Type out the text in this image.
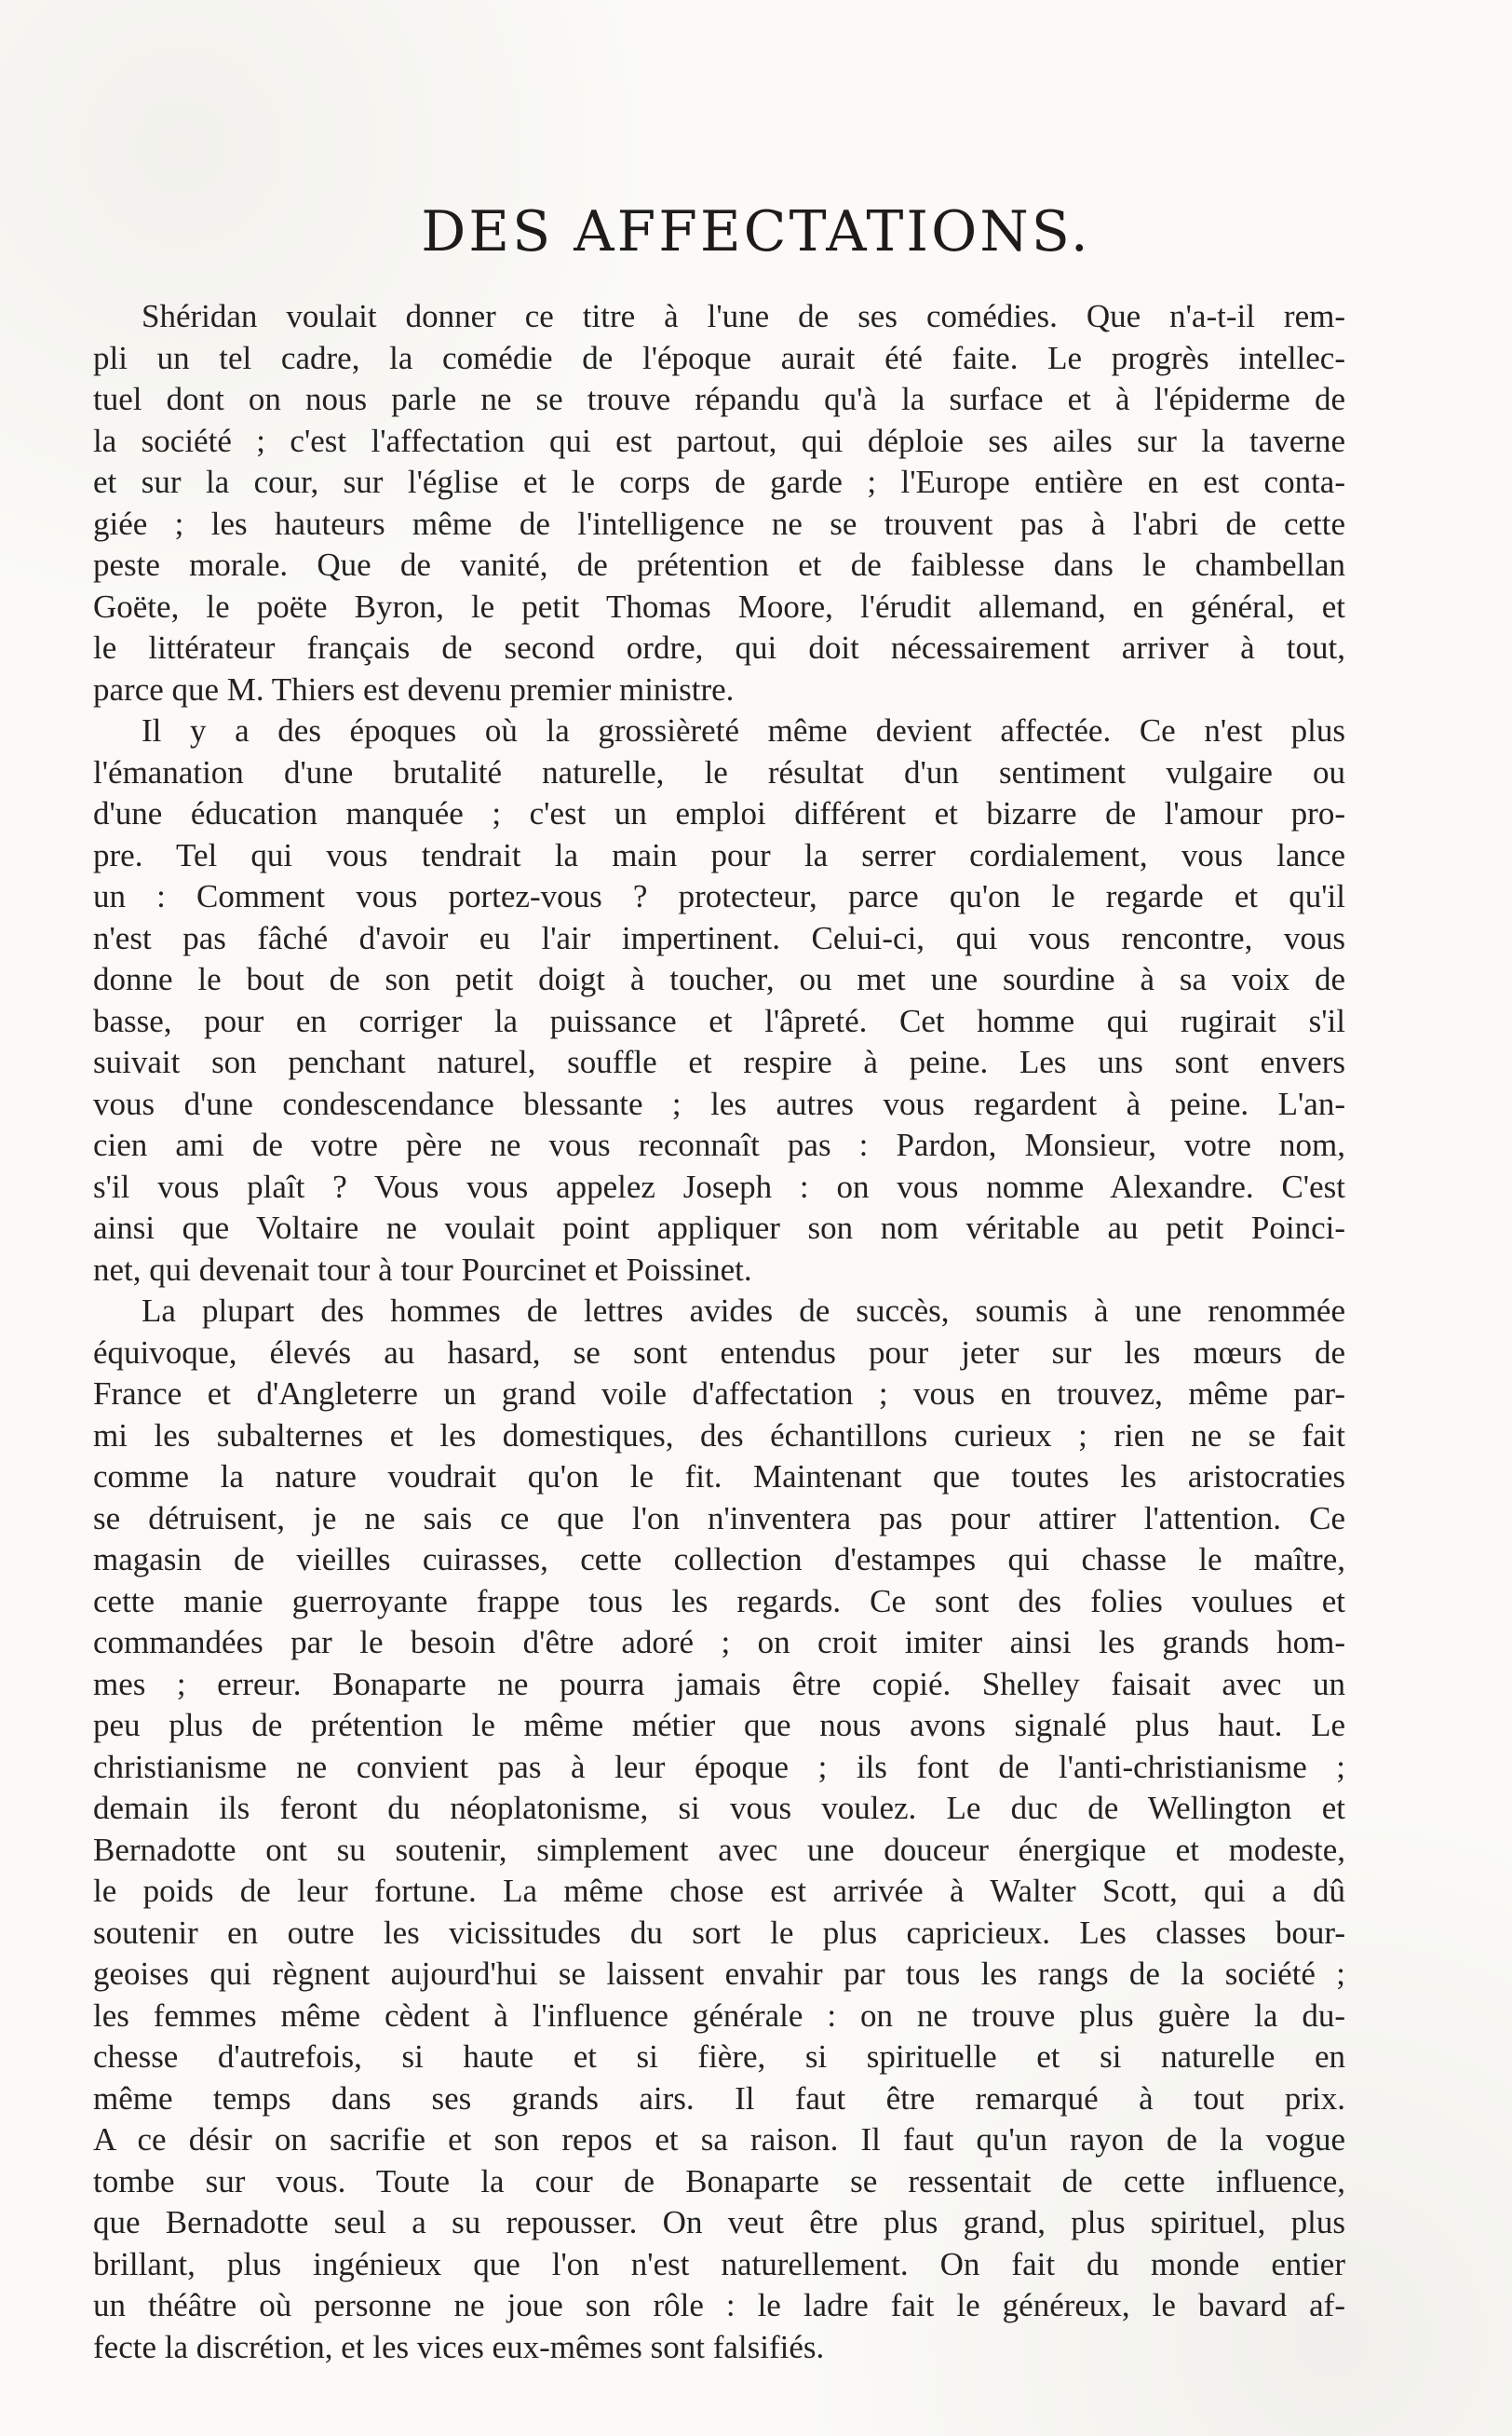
DES AFFECTATIONS.

Shéridan voulait donner ce titre à l'une de ses comédies. Que n'a-t-il rem-
pli un tel cadre, la comédie de l'époque aurait été faite. Le progrès intellec-
tuel dont on nous parle ne se trouve répandu qu'à la surface et à l'épiderme de
la société ; c'est l'affectation qui est partout, qui déploie ses ailes sur la taverne
et sur la cour, sur l'église et le corps de garde ; l'Europe entière en est conta-
giée ; les hauteurs même de l'intelligence ne se trouvent pas à l'abri de cette
peste morale. Que de vanité, de prétention et de faiblesse dans le chambellan
Goëte, le poëte Byron, le petit Thomas Moore, l'érudit allemand, en général, et
le littérateur français de second ordre, qui doit nécessairement arriver à tout,
parce que M. Thiers est devenu premier ministre.

Il y a des époques où la grossièreté même devient affectée. Ce n'est plus
l'émanation d'une brutalité naturelle, le résultat d'un sentiment vulgaire ou
d'une éducation manquée ; c'est un emploi différent et bizarre de l'amour pro-
pre. Tel qui vous tendrait la main pour la serrer cordialement, vous lance
un : Comment vous portez-vous ? protecteur, parce qu'on le regarde et qu'il
n'est pas fâché d'avoir eu l'air impertinent. Celui-ci, qui vous rencontre, vous
donne le bout de son petit doigt à toucher, ou met une sourdine à sa voix de
basse, pour en corriger la puissance et l'âpreté. Cet homme qui rugirait s'il
suivait son penchant naturel, souffle et respire à peine. Les uns sont envers
vous d'une condescendance blessante ; les autres vous regardent à peine. L'an-
cien ami de votre père ne vous reconnaît pas : Pardon, Monsieur, votre nom,
s'il vous plaît ? Vous vous appelez Joseph : on vous nomme Alexandre. C'est
ainsi que Voltaire ne voulait point appliquer son nom véritable au petit Poinci-
net, qui devenait tour à tour Pourcinet et Poissinet.

La plupart des hommes de lettres avides de succès, soumis à une renommée
équivoque, élevés au hasard, se sont entendus pour jeter sur les mœurs de
France et d'Angleterre un grand voile d'affectation ; vous en trouvez, même par-
mi les subalternes et les domestiques, des échantillons curieux ; rien ne se fait
comme la nature voudrait qu'on le fit. Maintenant que toutes les aristocraties
se détruisent, je ne sais ce que l'on n'inventera pas pour attirer l'attention. Ce
magasin de vieilles cuirasses, cette collection d'estampes qui chasse le maître,
cette manie guerroyante frappe tous les regards. Ce sont des folies voulues et
commandées par le besoin d'être adoré ; on croit imiter ainsi les grands hom-
mes ; erreur. Bonaparte ne pourra jamais être copié. Shelley faisait avec un
peu plus de prétention le même métier que nous avons signalé plus haut. Le
christianisme ne convient pas à leur époque ; ils font de l'anti-christianisme ;
demain ils feront du néoplatonisme, si vous voulez. Le duc de Wellington et
Bernadotte ont su soutenir, simplement avec une douceur énergique et modeste,
le poids de leur fortune. La même chose est arrivée à Walter Scott, qui a dû
soutenir en outre les vicissitudes du sort le plus capricieux. Les classes bour-
geoises qui règnent aujourd'hui se laissent envahir par tous les rangs de la société ;
les femmes même cèdent à l'influence générale : on ne trouve plus guère la du-
chesse d'autrefois, si haute et si fière, si spirituelle et si naturelle en
même temps dans ses grands airs. Il faut être remarqué à tout prix.
A ce désir on sacrifie et son repos et sa raison. Il faut qu'un rayon de la vogue
tombe sur vous. Toute la cour de Bonaparte se ressentait de cette influence,
que Bernadotte seul a su repousser. On veut être plus grand, plus spirituel, plus
brillant, plus ingénieux que l'on n'est naturellement. On fait du monde entier
un théâtre où personne ne joue son rôle : le ladre fait le généreux, le bavard af-
fecte la discrétion, et les vices eux-mêmes sont falsifiés.
